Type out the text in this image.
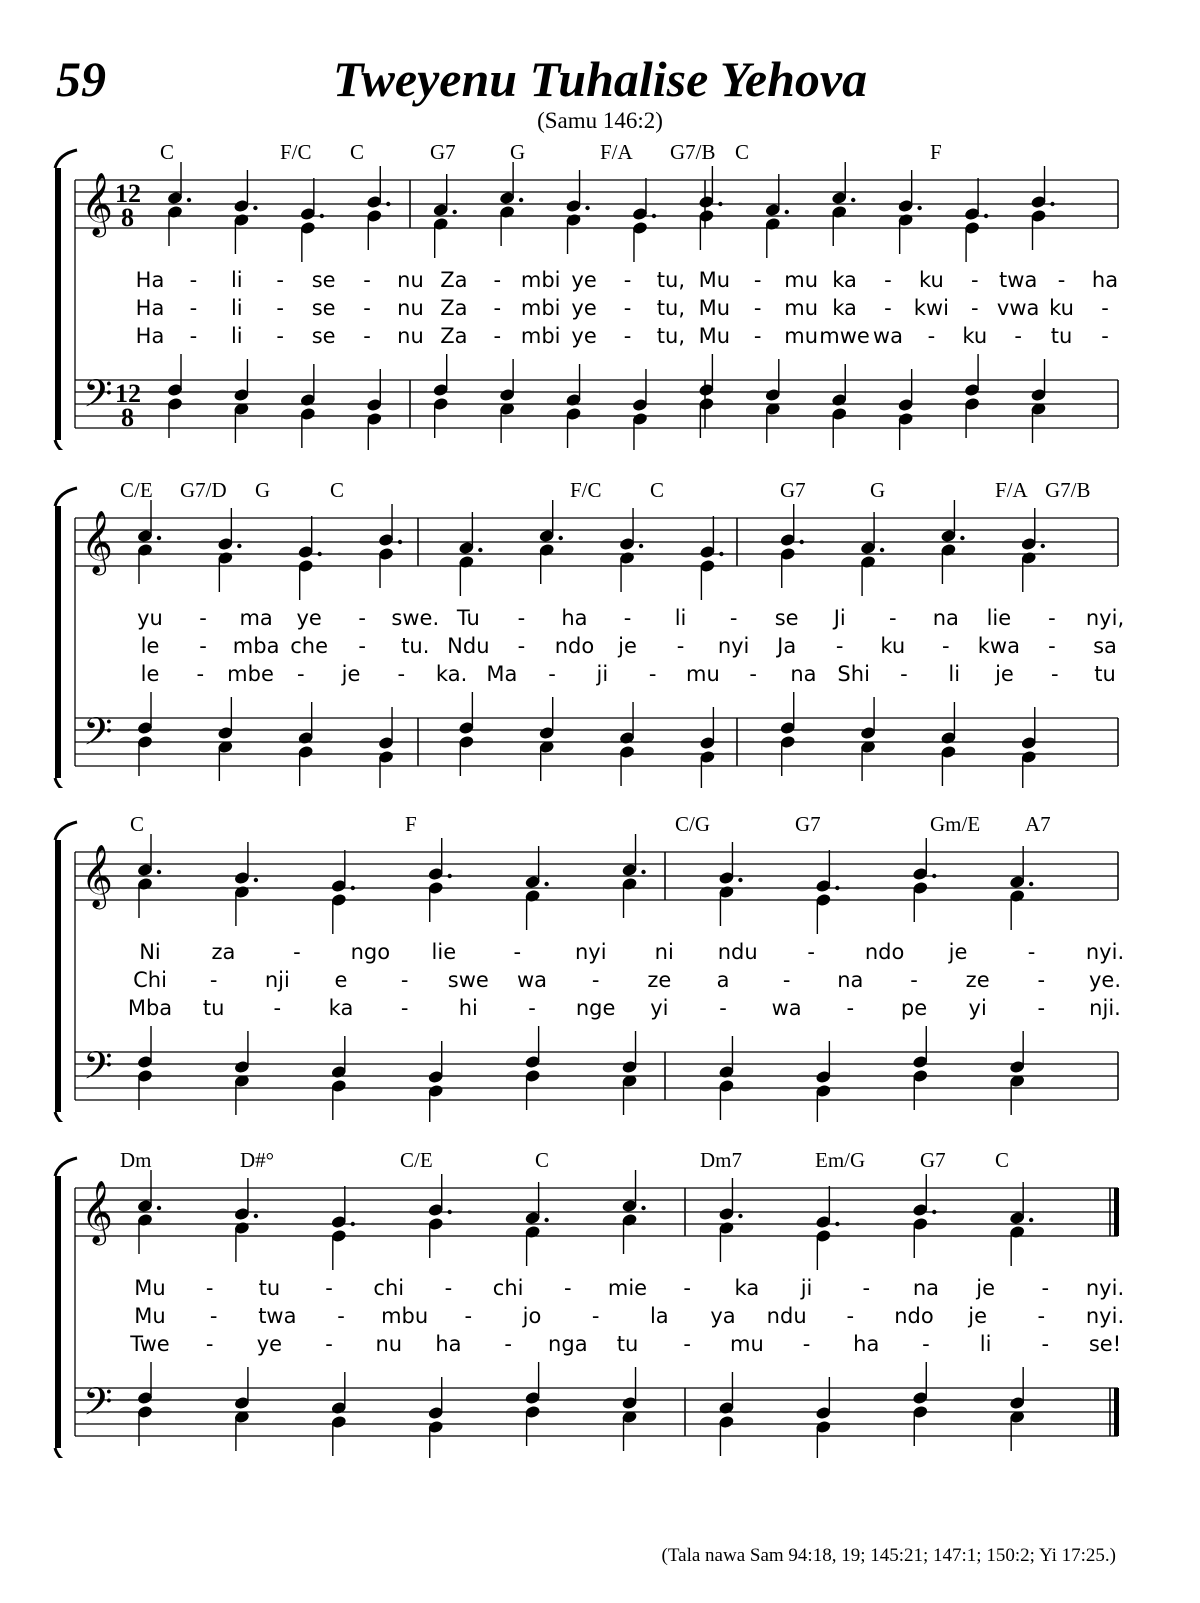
59	Tweyenu Tuhalise Yehova
(Samu 146:2)
C	F/C C	G7	G	F/A G7/B C	F
𝄞 12
8
𝄢 12
8
Ha - li - se - nu Za - mbi ye - tu, Mu - mu ka - ku - twa - ha
Ha - li - se - nu Za - mbi ye - tu, Mu - mu ka - kwi - vwa ku -
Ha - li - se - nu Za - mbi ye - tu, Mu - mu mwe wa - ku - tu -
C/E G7/D G	C	F/C C	G7	G	F/A G7/B
𝄞
𝄢
yu - ma ye - swe. Tu - ha - li - se Ji - na lie - nyi,
le - mba che - tu. Ndu - ndo je - nyi Ja - ku - kwa - sa
le - mbe - je - ka. Ma - ji - mu - na Shi - li je - tu
C	F	C/G	G7	Gm/E A7
𝄞
𝄢
Ni za	- ngo lie	-	nyi ni ndu - ndo je	- nyi.
Chi - nji e	- swe wa - ze a	- na - ze - ye.
Mba tu - ka - hi - nge yi - wa - pe yi - nji.
Dm	D#°	C/E	C	Dm7	Em/G	G7 C
𝄞
𝄢
Mu - tu - chi - chi - mie - ka ji - na je - nyi.
Mu - twa - mbu - jo - la ya ndu - ndo je - nyi.
Twe - ye - nu ha - nga tu - mu - ha - li - se!
(Tala nawa Sam 94:18, 19; 145:21; 147:1; 150:2; Yi 17:25.)
